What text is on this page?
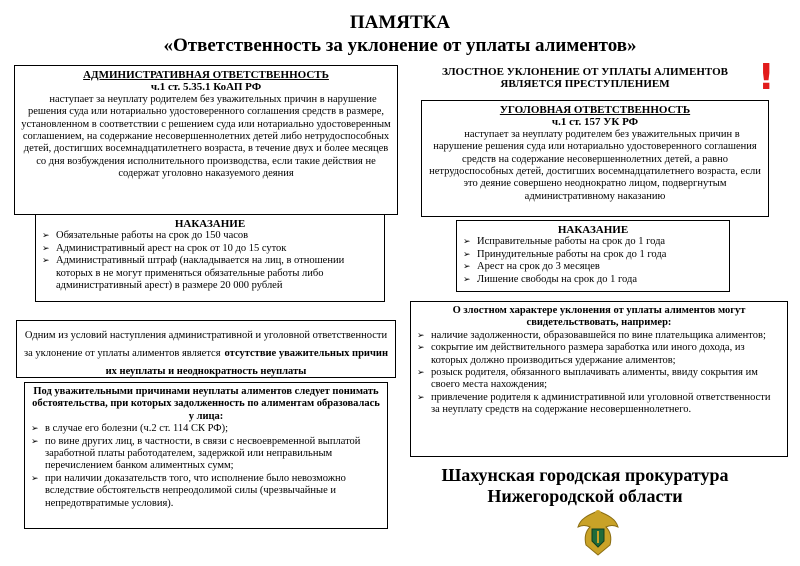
ПАМЯТКА
«Ответственность за уклонение от уплаты алиментов»
!
АДМИНИСТРАТИВНАЯ ОТВЕТСТВЕННОСТЬ
ч.1 ст. 5.35.1 КоАП РФ
наступает за неуплату родителем без уважительных причин в нарушение решения суда или нотариально удостоверенного соглашения средств в размере, установленном в соответствии с решением суда или нотариально удостоверенным соглашением, на содержание несовершеннолетних детей либо нетрудоспособных детей, достигших восемнадцатилетнего возраста, в течение двух и более месяцев со дня возбуждения исполнительного производства, если такие действия не содержат уголовно наказуемого деяния
НАКАЗАНИЕ
➢ Обязательные работы на срок до 150 часов
➢ Административный арест на срок от 10 до 15 суток
➢ Административный штраф (накладывается на лиц, в отношении которых в не могут применяться обязательные работы либо административный арест) в размере 20 000 рублей
Одним из условий наступления административной и уголовной ответственности за уклонение от уплаты алиментов является отсутствие уважительных причин их неуплаты и неоднократность неуплаты
Под уважительными причинами неуплаты алиментов следует понимать обстоятельства, при которых задолженность по алиментам образовалась у лица:
➢ в случае его болезни (ч.2 ст. 114 СК РФ);
➢ по вине других лиц, в частности, в связи с несвоевременной выплатой заработной платы работодателем, задержкой или неправильным перечислением банком алиментных сумм;
➢ при наличии доказательств того, что исполнение было невозможно вследствие обстоятельств непреодолимой силы (чрезвычайные и непредотвратимые условия).
ЗЛОСТНОЕ УКЛОНЕНИЕ ОТ УПЛАТЫ АЛИМЕНТОВ
ЯВЛЯЕТСЯ ПРЕСТУПЛЕНИЕМ
УГОЛОВНАЯ ОТВЕТСТВЕННОСТЬ
ч.1 ст. 157 УК РФ
наступает за неуплату родителем без уважительных причин в нарушение решения суда или нотариально удостоверенного соглашения средств на содержание несовершеннолетних детей, а равно нетрудоспособных детей, достигших восемнадцатилетнего возраста, если это деяние совершено неоднократно лицом, подвергнутым административному наказанию
НАКАЗАНИЕ
➢ Исправительные работы на срок до 1 года
➢ Принудительные работы на срок до 1 года
➢ Арест на срок до 3 месяцев
➢ Лишение свободы на срок до 1 года
О злостном характере уклонения от уплаты алиментов могут свидетельствовать, например:
➢ наличие задолженности, образовавшейся по вине плательщика алиментов;
➢ сокрытие им действительного размера заработка или иного дохода, из которых должно производиться удержание алиментов;
➢ розыск родителя, обязанного выплачивать алименты, ввиду сокрытия им своего места нахождения;
➢ привлечение родителя к административной или уголовной ответственности за неуплату средств на содержание несовершеннолетнего.
Шахунская городская прокуратура
Нижегородской области
